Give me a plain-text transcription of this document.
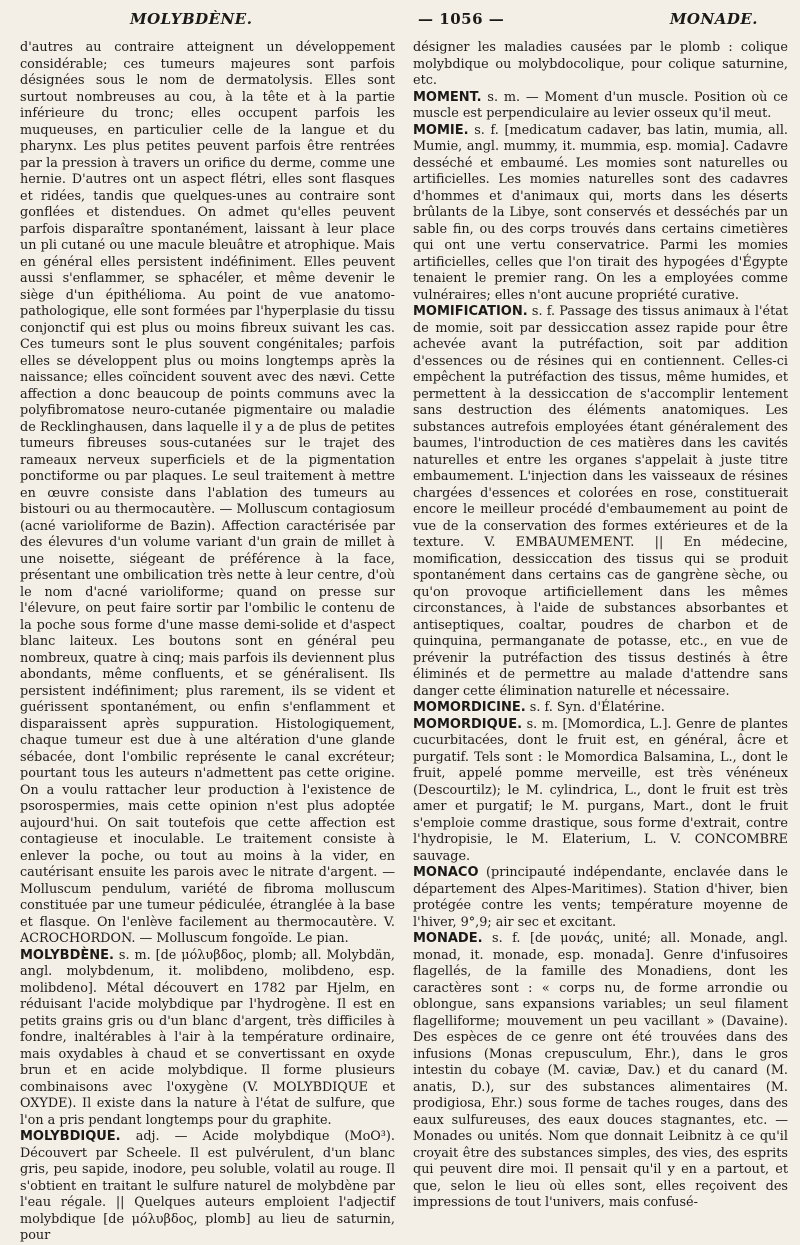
MOLYBDÈNE.	— 1056 —	MONADE.

d'autres au contraire atteignent un développement considérable; ces tumeurs majeures sont parfois désignées sous le nom de dermatolysis. Elles sont surtout nombreuses au cou, à la tête et à la partie inférieure du tronc; elles occupent parfois les muqueuses, en particulier celle de la langue et du pharynx. Les plus petites peuvent parfois être rentrées par la pression à travers un orifice du derme, comme une hernie. D'autres ont un aspect flétri, elles sont flasques et ridées, tandis que quelques-unes au contraire sont gonflées et distendues. On admet qu'elles peuvent parfois disparaître spontanément, laissant à leur place un pli cutané ou une macule bleuâtre et atrophique. Mais en général elles persistent indéfiniment. Elles peuvent aussi s'enflammer, se sphacéler, et même devenir le siège d'un épithélioma. Au point de vue anatomo-pathologique, elle sont formées par l'hyperplasie du tissu conjonctif qui est plus ou moins fibreux suivant les cas. Ces tumeurs sont le plus souvent congénitales; parfois elles se développent plus ou moins longtemps après la naissance; elles coïncident souvent avec des nævi. Cette affection a donc beaucoup de points communs avec la polyfibromatose neuro-cutanée pigmentaire ou maladie de Recklinghausen, dans laquelle il y a de plus de petites tumeurs fibreuses sous-cutanées sur le trajet des rameaux nerveux superficiels et de la pigmentation ponctiforme ou par plaques. Le seul traitement à mettre en œuvre consiste dans l'ablation des tumeurs au bistouri ou au thermocautère. — Molluscum contagiosum (acné varioliforme de Bazin). Affection caractérisée par des élevures d'un volume variant d'un grain de millet à une noisette, siégeant de préférence à la face, présentant une ombilication très nette à leur centre, d'où le nom d'acné varioliforme; quand on presse sur l'élevure, on peut faire sortir par l'ombilic le contenu de la poche sous forme d'une masse demi-solide et d'aspect blanc laiteux. Les boutons sont en général peu nombreux, quatre à cinq; mais parfois ils deviennent plus abondants, même confluents, et se généralisent. Ils persistent indéfiniment; plus rarement, ils se vident et guérissent spontanément, ou enfin s'enflamment et disparaissent après suppuration. Histologiquement, chaque tumeur est due à une altération d'une glande sébacée, dont l'ombilic représente le canal excréteur; pourtant tous les auteurs n'admettent pas cette origine. On a voulu rattacher leur production à l'existence de psorospermies, mais cette opinion n'est plus adoptée aujourd'hui. On sait toutefois que cette affection est contagieuse et inoculable. Le traitement consiste à enlever la poche, ou tout au moins à la vider, en cautérisant ensuite les parois avec le nitrate d'argent. — Molluscum pendulum, variété de fibroma molluscum constituée par une tumeur pédiculée, étranglée à la base et flasque. On l'enlève facilement au thermocautère. V. ACROCHORDON. — Molluscum fongoïde. Le pian.

MOLYBDÈNE. s. m. [de μόλυβδος, plomb; all. Molybdän, angl. molybdenum, it. molibdeno, molibdeno, esp. molibdeno]. Métal découvert en 1782 par Hjelm, en réduisant l'acide molybdique par l'hydrogène. Il est en petits grains gris ou d'un blanc d'argent, très difficiles à fondre, inaltérables à l'air à la température ordinaire, mais oxydables à chaud et se convertissant en oxyde brun et en acide molybdique. Il forme plusieurs combinaisons avec l'oxygène (V. MOLYBDIQUE et OXYDE). Il existe dans la nature à l'état de sulfure, que l'on a pris pendant longtemps pour du graphite.

MOLYBDIQUE. adj. — Acide molybdique (MoO³). Découvert par Scheele. Il est pulvérulent, d'un blanc gris, peu sapide, inodore, peu soluble, volatil au rouge. Il s'obtient en traitant le sulfure naturel de molybdène par l'eau régale. || Quelques auteurs emploient l'adjectif molybdique [de μόλυβδος, plomb] au lieu de saturnin, pour

désigner les maladies causées par le plomb : colique molybdique ou molybdocolique, pour colique saturnine, etc.

MOMENT. s. m. — Moment d'un muscle. Position où ce muscle est perpendiculaire au levier osseux qu'il meut.

MOMIE. s. f. [medicatum cadaver, bas latin, mumia, all. Mumie, angl. mummy, it. mummia, esp. momia]. Cadavre desséché et embaumé. Les momies sont naturelles ou artificielles. Les momies naturelles sont des cadavres d'hommes et d'animaux qui, morts dans les déserts brûlants de la Libye, sont conservés et desséchés par un sable fin, ou des corps trouvés dans certains cimetières qui ont une vertu conservatrice. Parmi les momies artificielles, celles que l'on tirait des hypogées d'Égypte tenaient le premier rang. On les a employées comme vulnéraires; elles n'ont aucune propriété curative.

MOMIFICATION. s. f. Passage des tissus animaux à l'état de momie, soit par dessiccation assez rapide pour être achevée avant la putréfaction, soit par addition d'essences ou de résines qui en contiennent. Celles-ci empêchent la putréfaction des tissus, même humides, et permettent à la dessiccation de s'accomplir lentement sans destruction des éléments anatomiques. Les substances autrefois employées étant généralement des baumes, l'introduction de ces matières dans les cavités naturelles et entre les organes s'appelait à juste titre embaumement. L'injection dans les vaisseaux de résines chargées d'essences et colorées en rose, constituerait encore le meilleur procédé d'embaumement au point de vue de la conservation des formes extérieures et de la texture. V. EMBAUMEMENT. || En médecine, momification, dessiccation des tissus qui se produit spontanément dans certains cas de gangrène sèche, ou qu'on provoque artificiellement dans les mêmes circonstances, à l'aide de substances absorbantes et antiseptiques, coaltar, poudres de charbon et de quinquina, permanganate de potasse, etc., en vue de prévenir la putréfaction des tissus destinés à être éliminés et de permettre au malade d'attendre sans danger cette élimination naturelle et nécessaire.

MOMORDICINE. s. f. Syn. d'Élatérine.

MOMORDIQUE. s. m. [Momordica, L.]. Genre de plantes cucurbitacées, dont le fruit est, en général, âcre et purgatif. Tels sont : le Momordica Balsamina, L., dont le fruit, appelé pomme merveille, est très vénéneux (Descourtilz); le M. cylindrica, L., dont le fruit est très amer et purgatif; le M. purgans, Mart., dont le fruit s'emploie comme drastique, sous forme d'extrait, contre l'hydropisie, le M. Elaterium, L. V. CONCOMBRE sauvage.

MONACO (principauté indépendante, enclavée dans le département des Alpes-Maritimes). Station d'hiver, bien protégée contre les vents; température moyenne de l'hiver, 9°,9; air sec et excitant.

MONADE. s. f. [de μονάς, unité; all. Monade, angl. monad, it. monade, esp. monada]. Genre d'infusoires flagellés, de la famille des Monadiens, dont les caractères sont : « corps nu, de forme arrondie ou oblongue, sans expansions variables; un seul filament flagelliforme; mouvement un peu vacillant » (Davaine). Des espèces de ce genre ont été trouvées dans des infusions (Monas crepusculum, Ehr.), dans le gros intestin du cobaye (M. caviæ, Dav.) et du canard (M. anatis, D.), sur des substances alimentaires (M. prodigiosa, Ehr.) sous forme de taches rouges, dans des eaux sulfureuses, des eaux douces stagnantes, etc. — Monades ou unités. Nom que donnait Leibnitz à ce qu'il croyait être des substances simples, des vies, des esprits qui peuvent dire moi. Il pensait qu'il y en a partout, et que, selon le lieu où elles sont, elles reçoivent des impressions de tout l'univers, mais confusé-
